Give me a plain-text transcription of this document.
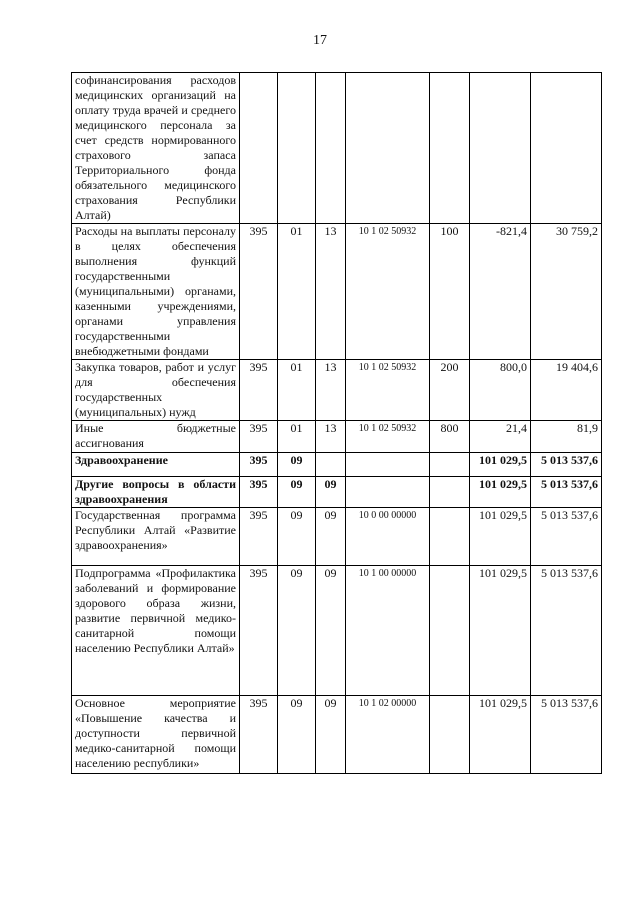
17
софинансирования расходов медицинских организаций на оплату труда врачей и среднего медицинского персонала за счет средств нормированного страхового запаса Территориального фонда обязательного медицинского страхования Республики Алтай)							
Расходы на выплаты персоналу в целях обеспечения выполнения функций государственными (муниципальными) органами, казенными учреждениями, органами управления государственными внебюджетными фондами	395	01	13	10 1 02 50932	100	-821,4	30 759,2
Закупка товаров, работ и услуг для обеспечения государственных (муниципальных) нужд	395	01	13	10 1 02 50932	200	800,0	19 404,6
Иные бюджетные ассигнования	395	01	13	10 1 02 50932	800	21,4	81,9
Здравоохранение	395	09				101 029,5	5 013 537,6
Другие вопросы в области здравоохранения	395	09	09			101 029,5	5 013 537,6
Государственная программа Республики Алтай «Развитие здравоохранения»	395	09	09	10 0 00 00000		101 029,5	5 013 537,6
Подпрограмма «Профилактика заболеваний и формирование здорового образа жизни, развитие первичной медико-санитарной помощи населению Республики Алтай»	395	09	09	10 1 00 00000		101 029,5	5 013 537,6
Основное мероприятие «Повышение качества и доступности первичной медико-санитарной помощи населению республики»	395	09	09	10 1 02 00000		101 029,5	5 013 537,6
